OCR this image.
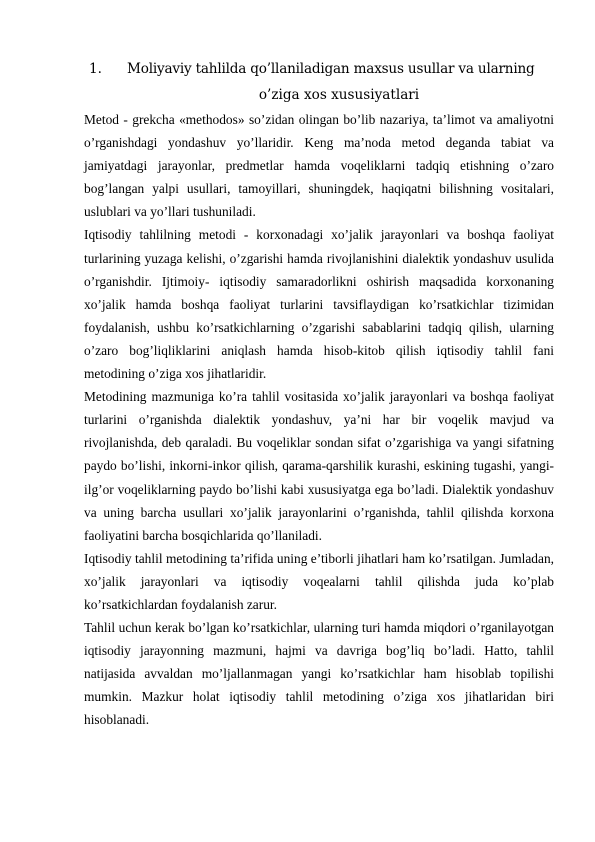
1.	Moliyaviy tahlilda qo’llaniladigan maxsus usullar va ularning
o’ziga xos xususiyatlari

Metod - grekcha «methodos» so’zidan olingan bo’lib nazariya, ta’limot va amaliyotni o’rganishdagi yondashuv yo’llaridir. Keng ma’noda metod deganda tabiat va jamiyatdagi jarayonlar, predmetlar hamda voqeliklarni tadqiq etishning o’zaro bog’langan yalpi usullari, tamoyillari, shuningdek, haqiqatni bilishning vositalari, uslublari va yo’llari tushuniladi.

Iqtisodiy tahlilning metodi - korxonadagi xo’jalik jarayonlari va boshqa faoliyat turlarining yuzaga kelishi, o’zgarishi hamda rivojlanishini dialektik yondashuv usulida o’rganishdir. Ijtimoiy- iqtisodiy samaradorlikni oshirish maqsadida korxonaning xo’jalik hamda boshqa faoliyat turlarini tavsiflaydigan ko’rsatkichlar tizimidan foydalanish, ushbu ko’rsatkichlarning o’zgarishi sabablarini tadqiq qilish, ularning o’zaro bog’liqliklarini aniqlash hamda hisob-kitob qilish iqtisodiy tahlil fani metodining o’ziga xos jihatlaridir.

Metodining mazmuniga ko’ra tahlil vositasida xo’jalik jarayonlari va boshqa faoliyat turlarini o’rganishda dialektik yondashuv, ya’ni har bir voqelik mavjud va rivojlanishda, deb qaraladi. Bu voqeliklar sondan sifat o’zgarishiga va yangi sifatning paydo bo’lishi, inkorni-inkor qilish, qarama-qarshilik kurashi, eskining tugashi, yangi-ilg’or voqeliklarning paydo bo’lishi kabi xususiyatga ega bo’ladi. Dialektik yondashuv va uning barcha usullari xo’jalik jarayonlarini o’rganishda, tahlil qilishda korxona faoliyatini barcha bosqichlarida qo’llaniladi.

Iqtisodiy tahlil metodining ta’rifida uning e’tiborli jihatlari ham ko’rsatilgan. Jumladan, xo’jalik jarayonlari va iqtisodiy voqealarni tahlil qilishda juda ko’plab ko’rsatkichlardan foydalanish zarur.

Tahlil uchun kerak bo’lgan ko’rsatkichlar, ularning turi hamda miqdori o’rganilayotgan iqtisodiy jarayonning mazmuni, hajmi va davriga bog’liq bo’ladi. Hatto, tahlil natijasida avvaldan mo’ljallanmagan yangi ko’rsatkichlar ham hisoblab topilishi mumkin. Mazkur holat iqtisodiy tahlil metodining o’ziga xos jihatlaridan biri hisoblanadi.
